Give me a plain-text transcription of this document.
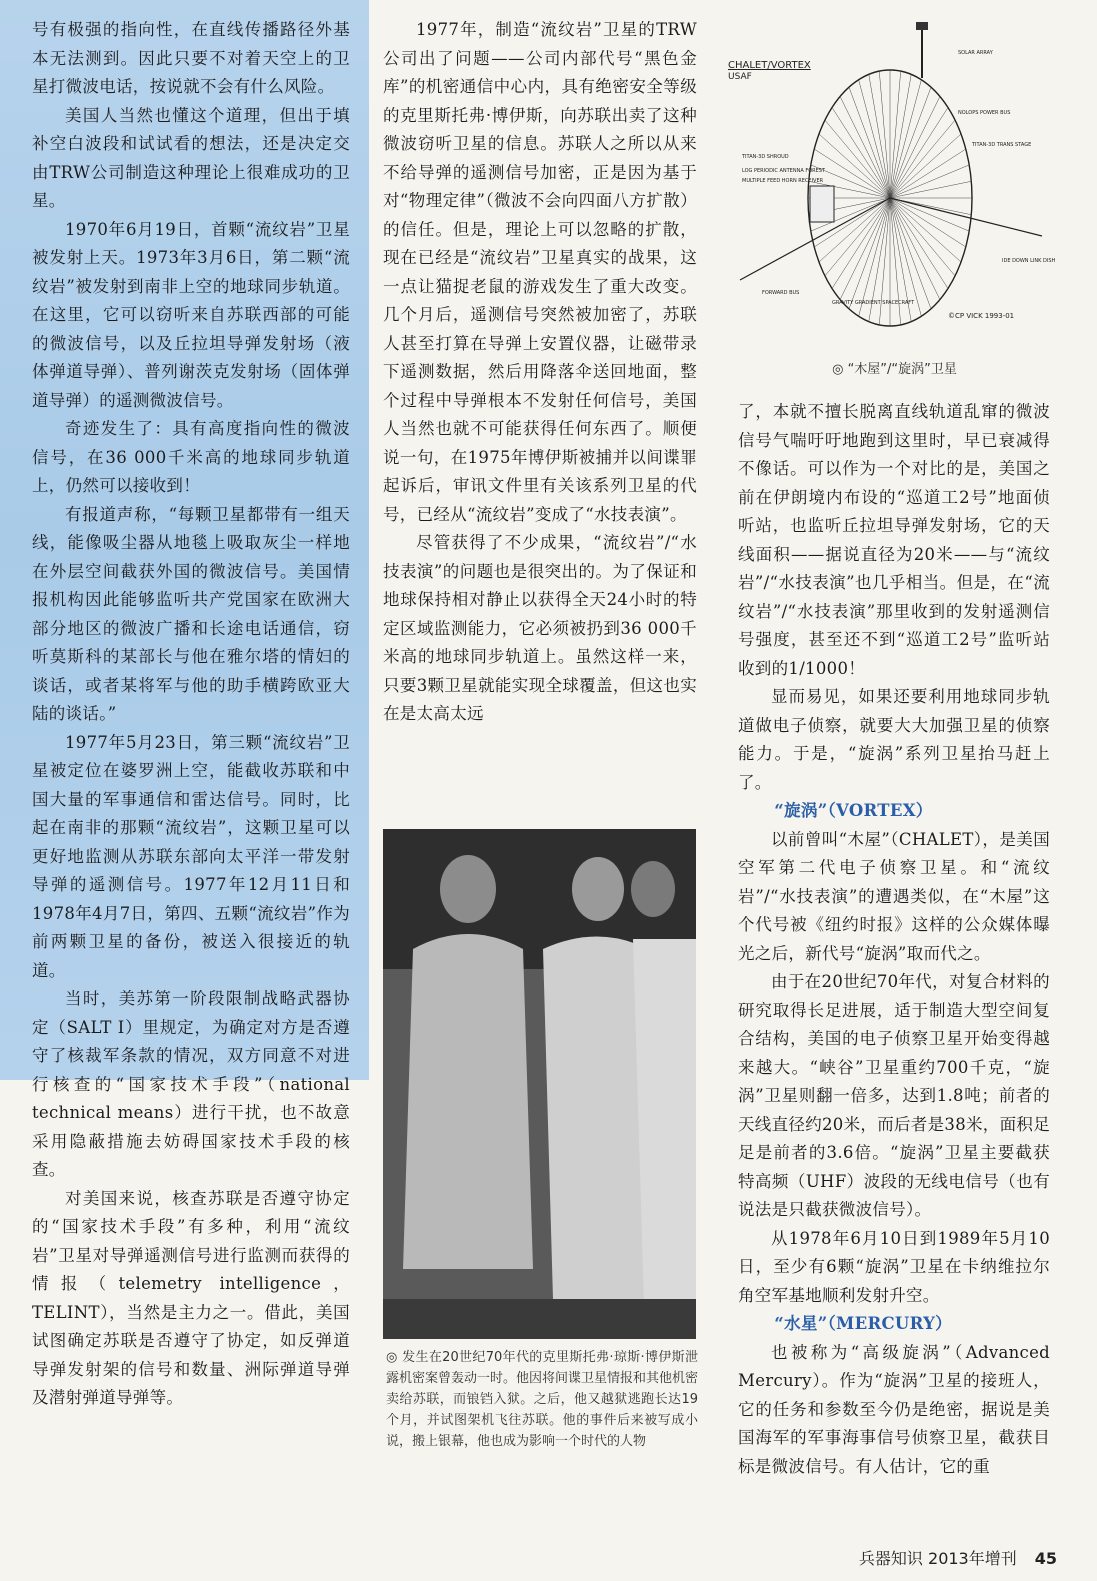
号有极强的指向性，在直线传播路径外基本无法测到。因此只要不对着天空上的卫星打微波电话，按说就不会有什么风险。

美国人当然也懂这个道理，但出于填补空白波段和试试看的想法，还是决定交由TRW公司制造这种理论上很难成功的卫星。

1970年6月19日，首颗“流纹岩”卫星被发射上天。1973年3月6日，第二颗“流纹岩”被发射到南非上空的地球同步轨道。在这里，它可以窃听来自苏联西部的可能的微波信号，以及丘拉坦导弹发射场（液体弹道导弹）、普列谢茨克发射场（固体弹道导弹）的遥测微波信号。

奇迹发生了：具有高度指向性的微波信号，在36 000千米高的地球同步轨道上，仍然可以接收到！

有报道声称，“每颗卫星都带有一组天线，能像吸尘器从地毯上吸取灰尘一样地在外层空间截获外国的微波信号。美国情报机构因此能够监听共产党国家在欧洲大部分地区的微波广播和长途电话通信，窃听莫斯科的某部长与他在雅尔塔的情妇的谈话，或者某将军与他的助手横跨欧亚大陆的谈话。”

1977年5月23日，第三颗“流纹岩”卫星被定位在婆罗洲上空，能截收苏联和中国大量的军事通信和雷达信号。同时，比起在南非的那颗“流纹岩”，这颗卫星可以更好地监测从苏联东部向太平洋一带发射导弹的遥测信号。1977年12月11日和1978年4月7日，第四、五颗“流纹岩”作为前两颗卫星的备份，被送入很接近的轨道。

当时，美苏第一阶段限制战略武器协定（SALT Ⅰ）里规定，为确定对方是否遵守了核裁军条款的情况，双方同意不对进行核查的“国家技术手段”（national technical means）进行干扰，也不故意采用隐蔽措施去妨碍国家技术手段的核查。

对美国来说，核查苏联是否遵守协定的“国家技术手段”有多种，利用“流纹岩”卫星对导弹遥测信号进行监测而获得的情报（telemetry intelligence，TELINT），当然是主力之一。借此，美国试图确定苏联是否遵守了协定，如反弹道导弹发射架的信号和数量、洲际弹道导弹及潜射弹道导弹等。

1977年，制造“流纹岩”卫星的TRW公司出了问题——公司内部代号“黑色金库”的机密通信中心内，具有绝密安全等级的克里斯托弗·博伊斯，向苏联出卖了这种微波窃听卫星的信息。苏联人之所以从来不给导弹的遥测信号加密，正是因为基于对“物理定律”（微波不会向四面八方扩散）的信任。但是，理论上可以忽略的扩散，现在已经是“流纹岩”卫星真实的战果，这一点让猫捉老鼠的游戏发生了重大改变。几个月后，遥测信号突然被加密了，苏联人甚至打算在导弹上安置仪器，让磁带录下遥测数据，然后用降落伞送回地面，整个过程中导弹根本不发射任何信号，美国人当然也就不可能获得任何东西了。顺便说一句，在1975年博伊斯被捕并以间谍罪起诉后，审讯文件里有关该系列卫星的代号，已经从“流纹岩”变成了“水技表演”。

尽管获得了不少成果，“流纹岩”/“水技表演”的问题也是很突出的。为了保证和地球保持相对静止以获得全天24小时的特定区域监测能力，它必须被扔到36 000千米高的地球同步轨道上。虽然这样一来，只要3颗卫星就能实现全球覆盖，但这也实在是太高太远

CHALET/VORTEX
USAF
SOLAR ARRAY
NOLOPS POWER BUS
TITAN-3D TRANS STAGE
TITAN-3D SHROUD
LOG PERIODIC ANTENNA FOREST
MULTIPLE FEED HORN RECEIVER
FORWARD BUS
GRAVITY GRADIENT SPACECRAFT
IDE DOWN LINK DISH
©CP VICK 1993-01
◎ “木屋”/“旋涡”卫星

了，本就不擅长脱离直线轨道乱窜的微波信号气喘吁吁地跑到这里时，早已衰减得不像话。可以作为一个对比的是，美国之前在伊朗境内布设的“巡道工2号”地面侦听站，也监听丘拉坦导弹发射场，它的天线面积——据说直径为20米——与“流纹岩”/“水技表演”也几乎相当。但是，在“流纹岩”/“水技表演”那里收到的发射遥测信号强度，甚至还不到“巡道工2号”监听站收到的1/1000！

显而易见，如果还要利用地球同步轨道做电子侦察，就要大大加强卫星的侦察能力。于是，“旋涡”系列卫星抬马赶上了。

“旋涡”（VORTEX）

以前曾叫“木屋”（CHALET），是美国空军第二代电子侦察卫星。和“流纹岩”/“水技表演”的遭遇类似，在“木屋”这个代号被《纽约时报》这样的公众媒体曝光之后，新代号“旋涡”取而代之。

由于在20世纪70年代，对复合材料的研究取得长足进展，适于制造大型空间复合结构，美国的电子侦察卫星开始变得越来越大。“峡谷”卫星重约700千克，“旋涡”卫星则翻一倍多，达到1.8吨；前者的天线直径约20米，而后者是38米，面积足足是前者的3.6倍。“旋涡”卫星主要截获特高频（UHF）波段的无线电信号（也有说法是只截获微波信号）。

从1978年6月10日到1989年5月10日，至少有6颗“旋涡”卫星在卡纳维拉尔角空军基地顺利发射升空。

“水星”（MERCURY）

也被称为“高级旋涡”（Advanced Mercury）。作为“旋涡”卫星的接班人，它的任务和参数至今仍是绝密，据说是美国海军的军事海事信号侦察卫星，截获目标是微波信号。有人估计，它的重

◎ 发生在20世纪70年代的克里斯托弗·琼斯·博伊斯泄露机密案曾轰动一时。他因将间谍卫星情报和其他机密卖给苏联，而锒铛入狱。之后，他又越狱逃跑长达19个月，并试图架机飞往苏联。他的事件后来被写成小说，搬上银幕，他也成为影响一个时代的人物
兵器知识 2013年增刊 45
